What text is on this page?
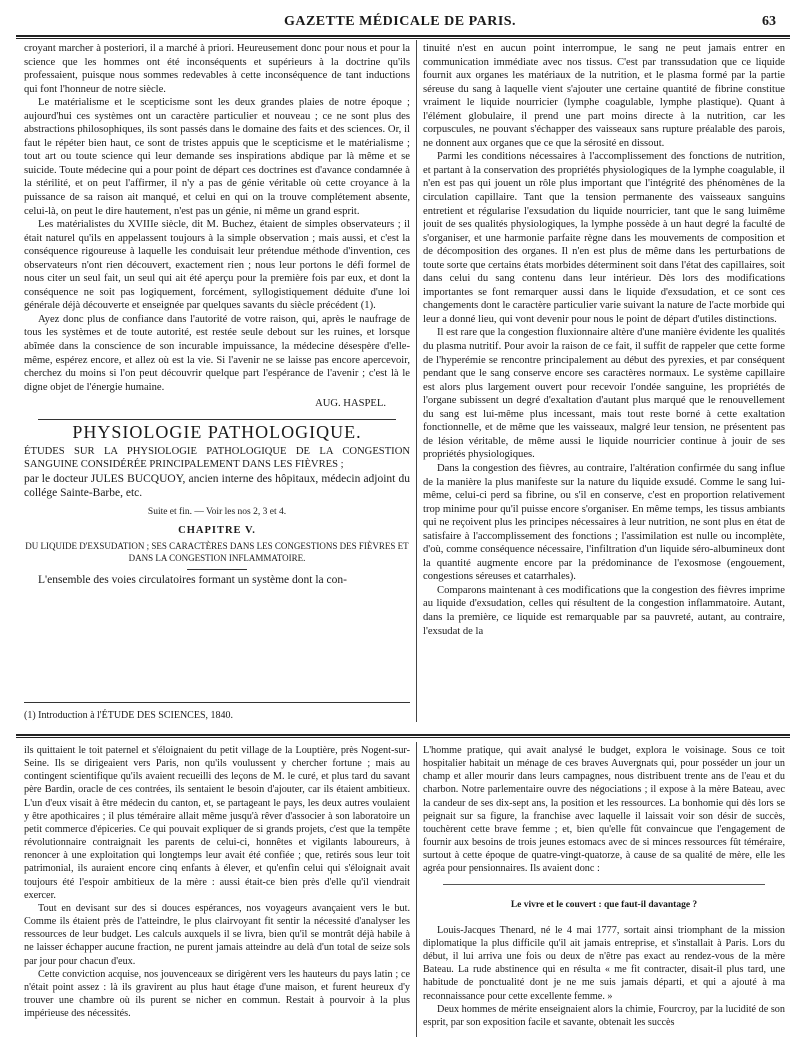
GAZETTE MÉDICALE DE PARIS.	63

croyant marcher à posteriori, il a marché à priori. Heureusement donc pour nous et pour la science que les hommes ont été inconséquents et supérieurs à la doctrine qu'ils professaient, puisque nous sommes redevables à cette inconséquence de tant inductions qui font l'honneur de notre siècle.

Le matérialisme et le scepticisme sont les deux grandes plaies de notre époque ; aujourd'hui ces systèmes ont un caractère particulier et nouveau ; ce ne sont plus des abstractions philosophiques, ils sont passés dans le domaine des faits et des sciences. Or, il faut le répéter bien haut, ce sont de tristes appuis que le scepticisme et le matérialisme ; tout art ou toute science qui leur demande ses inspirations abdique par là même et se suicide. Toute médecine qui a pour point de départ ces doctrines est d'avance condamnée à la stérilité, et on peut l'affirmer, il n'y a pas de génie véritable où cette croyance à la puissance de sa raison ait manqué, et celui en qui on la trouve complétement absente, celui-là, on peut le dire hautement, n'est pas un génie, ni même un grand esprit.

Les matérialistes du XVIIIe siècle, dit M. Buchez, étaient de simples observateurs ; il était naturel qu'ils en appelassent toujours à la simple observation ; mais aussi, et c'est la conséquence rigoureuse à laquelle les conduisait leur prétendue méthode d'invention, ces observateurs n'ont rien découvert, exactement rien ; nous leur portons le défi formel de nous citer un seul fait, un seul qui ait été aperçu pour la première fois par eux, et dont la conséquence ne soit pas logiquement, forcément, syllogistiquement déduite d'une loi générale déjà découverte et enseignée par quelques savants du siècle précédent (1).

Ayez donc plus de confiance dans l'autorité de votre raison, qui, après le naufrage de tous les systèmes et de toute autorité, est restée seule debout sur les ruines, et lorsque abîmée dans la conscience de son incurable impuissance, la médecine désespère d'elle-même, espérez encore, et allez où est la vie. Si l'avenir ne se laisse pas encore apercevoir, cherchez du moins si l'on peut découvrir quelque part l'espérance de l'avenir ; c'est là le digne objet de l'énergie humaine.

AUG. HASPEL.
PHYSIOLOGIE PATHOLOGIQUE.
ÉTUDES SUR LA PHYSIOLOGIE PATHOLOGIQUE DE LA CONGESTION SANGUINE CONSIDÉRÉE PRINCIPALEMENT DANS LES FIÈVRES ;
par le docteur JULES BUCQUOY, ancien interne des hôpitaux, médecin adjoint du collége Sainte-Barbe, etc.
Suite et fin. — Voir les nos 2, 3 et 4.
CHAPITRE V.
DU LIQUIDE D'EXSUDATION ; SES CARACTÈRES DANS LES CONGESTIONS DES FIÈVRES ET DANS LA CONGESTION INFLAMMATOIRE.

L'ensemble des voies circulatoires formant un système dont la con-

(1) Introduction à l'ÉTUDE DES SCIENCES, 1840.

tinuité n'est en aucun point interrompue, le sang ne peut jamais entrer en communication immédiate avec nos tissus. C'est par transsudation que ce liquide fournit aux organes les matériaux de la nutrition, et le plasma formé par la partie séreuse du sang à laquelle vient s'ajouter une certaine quantité de fibrine constitue vraiment le liquide nourricier (lymphe coagulable, lymphe plastique). Quant à l'élément globulaire, il prend une part moins directe à la nutrition, car les corpuscules, ne pouvant s'échapper des vaisseaux sans rupture préalable des parois, ne donnent aux organes que ce que la sérosité en dissout.

Parmi les conditions nécessaires à l'accomplissement des fonctions de nutrition, et partant à la conservation des propriétés physiologiques de la lymphe coagulable, il n'en est pas qui jouent un rôle plus important que l'intégrité des phénomènes de la circulation capillaire. Tant que la tension permanente des vaisseaux sanguins entretient et régularise l'exsudation du liquide nourricier, tant que le sang luimême jouit de ses qualités physiologiques, la lymphe possède à un haut degré la faculté de s'organiser, et une harmonie parfaite règne dans les mouvements de composition et de décomposition des organes. Il n'en est plus de même dans les perturbations de toute sorte que certains états morbides déterminent soit dans l'état des capillaires, soit dans celui du sang contenu dans leur intérieur. Dès lors des modifications importantes se font remarquer aussi dans le liquide d'exsudation, et ce sont ces changements dont le caractère particulier varie suivant la nature de l'acte morbide qui leur a donné lieu, qui vont devenir pour nous le point de départ d'utiles distinctions.

Il est rare que la congestion fluxionnaire altère d'une manière évidente les qualités du plasma nutritif. Pour avoir la raison de ce fait, il suffit de rappeler que cette forme de l'hyperémie se rencontre principalement au début des pyrexies, et par conséquent pendant que le sang conserve encore ses caractères normaux. Le système capillaire est alors plus largement ouvert pour recevoir l'ondée sanguine, les propriétés de l'organe subissent un degré d'exaltation d'autant plus marqué que le renouvellement du sang est lui-même plus incessant, mais tout reste borné à cette exaltation fonctionnelle, et de même que les vaisseaux, malgré leur tension, ne présentent pas de lésion véritable, de même aussi le liquide nourricier continue à jouir de ses propriétés physiologiques.

Dans la congestion des fièvres, au contraire, l'altération confirmée du sang influe de la manière la plus manifeste sur la nature du liquide exsudé. Comme le sang lui-même, celui-ci perd sa fibrine, ou s'il en conserve, c'est en proportion relativement trop minime pour qu'il puisse encore s'organiser. En même temps, les tissus ambiants qui ne reçoivent plus les principes nécessaires à leur nutrition, ne sont plus en état de satisfaire à l'accomplissement des fonctions ; l'assimilation est nulle ou incomplète, d'où, comme conséquence nécessaire, l'infiltration d'un liquide séro-albumineux dont la quantité augmente encore par la prédominance de l'exosmose (engouement, congestions séreuses et catarrhales).

Comparons maintenant à ces modifications que la congestion des fièvres imprime au liquide d'exsudation, celles qui résultent de la congestion inflammatoire. Autant, dans la première, ce liquide est remarquable par sa pauvreté, autant, au contraire, l'exsudat de la

ils quittaient le toit paternel et s'éloignaient du petit village de la Louptière, près Nogent-sur-Seine. Ils se dirigeaient vers Paris, non qu'ils voulussent y chercher fortune ; mais au contingent scientifique qu'ils avaient recueilli des leçons de M. le curé, et plus tard du savant père Bardin, oracle de ces contrées, ils sentaient le besoin d'ajouter, car ils étaient ambitieux. L'un d'eux visait à être médecin du canton, et, se partageant le pays, les deux autres voulaient y être apothicaires ; il plus téméraire allait même jusqu'à rêver d'associer à son laboratoire un petit commerce d'épiceries. Ce qui pouvait expliquer de si grands projets, c'est que la tempête révolutionnaire contraignait les parents de celui-ci, honnêtes et vigilants laboureurs, à renoncer à une exploitation qui longtemps leur avait été confiée ; que, retirés sous leur toit patrimonial, ils auraient encore cinq enfants à élever, et qu'enfin celui qui s'éloignait avait toujours été l'espoir ambitieux de la mère : aussi était-ce bien près d'elle qu'il viendrait exercer.

Tout en devisant sur des si douces espérances, nos voyageurs avançaient vers le but. Comme ils étaient près de l'atteindre, le plus clairvoyant fit sentir la nécessité d'analyser les ressources de leur budget. Les calculs auxquels il se livra, bien qu'il se montrât déjà habile à ne laisser échapper aucune fraction, ne purent jamais atteindre au delà d'un total de seize sols par jour pour chacun d'eux.

Cette conviction acquise, nos jouvenceaux se dirigèrent vers les hauteurs du pays latin ; ce n'était point assez : là ils gravirent au plus haut étage d'une maison, et furent heureux d'y trouver une chambre où ils purent se nicher en commun. Restait à pourvoir à la plus impérieuse des nécessités.

L'homme pratique, qui avait analysé le budget, explora le voisinage. Sous ce toit hospitalier habitait un ménage de ces braves Auvergnats qui, pour posséder un jour un champ et aller mourir dans leurs campagnes, nous distribuent trente ans de l'eau et du charbon. Notre parlementaire ouvre des négociations ; il expose à la mère Bateau, avec la candeur de ses dix-sept ans, la position et les ressources. La bonhomie qui dès lors se peignait sur sa figure, la franchise avec laquelle il laissait voir son désir de succès, touchèrent cette brave femme ; et, bien qu'elle fût convaincue que l'engagement de fournir aux besoins de trois jeunes estomacs avec de si minces ressources fût téméraire, surtout à cette époque de quatre-vingt-quatorze, à cause de sa qualité de mère, elle les agréa pour pensionnaires. Ils avaient donc :

Le vivre et le couvert : que faut-il davantage ?

Louis-Jacques Thenard, né le 4 mai 1777, sortait ainsi triomphant de la mission diplomatique la plus difficile qu'il ait jamais entreprise, et s'installait à Paris. Lors du début, il lui arriva une fois ou deux de n'être pas exact au rendez-vous de la mère Bateau. La rude abstinence qui en résulta « me fit contracter, disait-il plus tard, une habitude de ponctualité dont je ne me suis jamais départi, et qui a ajouté à ma reconnaissance pour cette excellente femme. »

Deux hommes de mérite enseignaient alors la chimie, Fourcroy, par la lucidité de son esprit, par son exposition facile et savante, obtenait les succès
